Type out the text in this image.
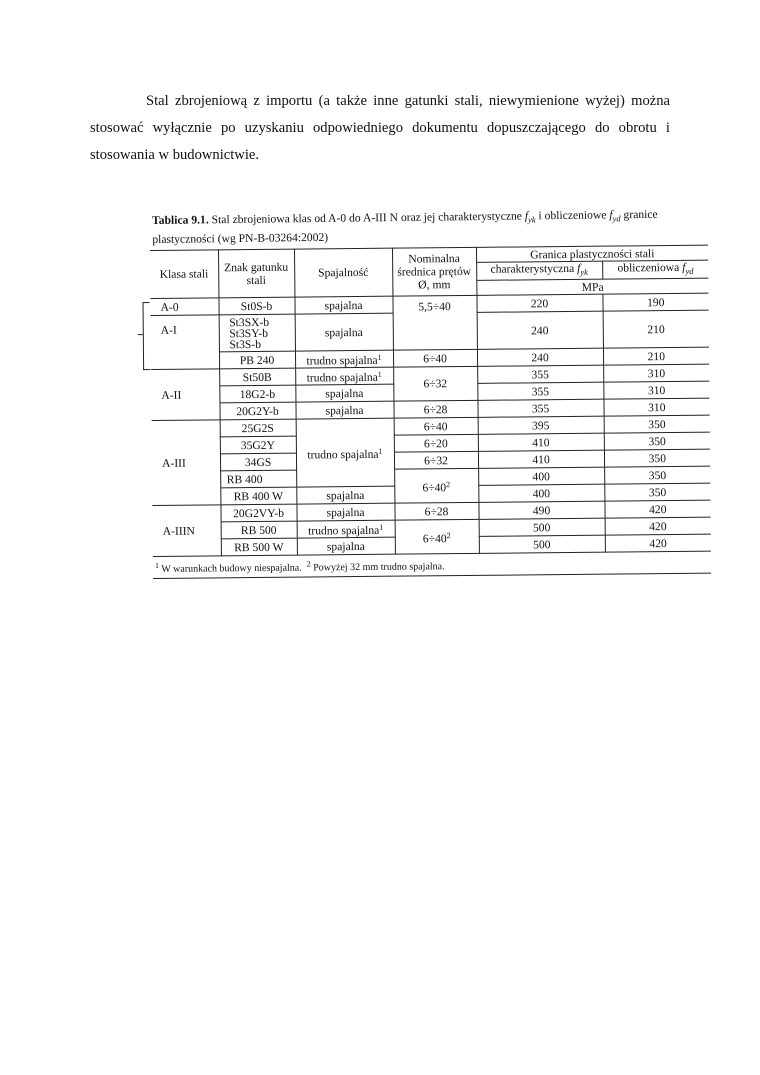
Stal zbrojeniową z importu (a także inne gatunki stali, niewymienione wyżej) można stosować wyłącznie po uzyskaniu odpowiedniego dokumentu dopuszczającego do obrotu i stosowania w budownictwie.
Tablica 9.1. Stal zbrojeniowa klas od A-0 do A-III N oraz jej charakterystyczne $f_{yk}$ i obliczeniowe $f_{yd}$ granice plastyczności (wg PN-B-03264:2002)
Klasa stali	Znak gatunku stali	Spajalność	Nominalna średnica prętów Ø, mm	Granica plastyczności stali	
				charakterystyczna $f_{yk}$	obliczeniowa $f_{yd}$
				MPa	
A-0	St0S-b	spajalna	5,5÷40	220	190
A-I	St3SX-b St3SY-b St3S-b	spajalna		240	210
	PB 240	trudno spajalna$^1$	6÷40	240	210
A-II	St50B	trudno spajalna$^1$	6÷32	355	310
	18G2-b	spajalna		355	310
	20G2Y-b	spajalna	6÷28	355	310
A-III	25G2S	trudno spajalna$^1$	6÷40	395	350
	35G2Y		6÷20	410	350
	34GS		6÷32	410	350
	RB 400		$6\div 40^2$	400	350
	RB 400 W	spajalna		400	350
A-IIIN	20G2VY-b	spajalna	6÷28	490	420
	RB 500	trudno spajalna$^1$	$6\div 40^2$	500	420
	RB 500 W	spajalna		500	420
$^1$ W warunkach budowy niespajalna. $^2$ Powyżej 32 mm trudno spajalna.					
